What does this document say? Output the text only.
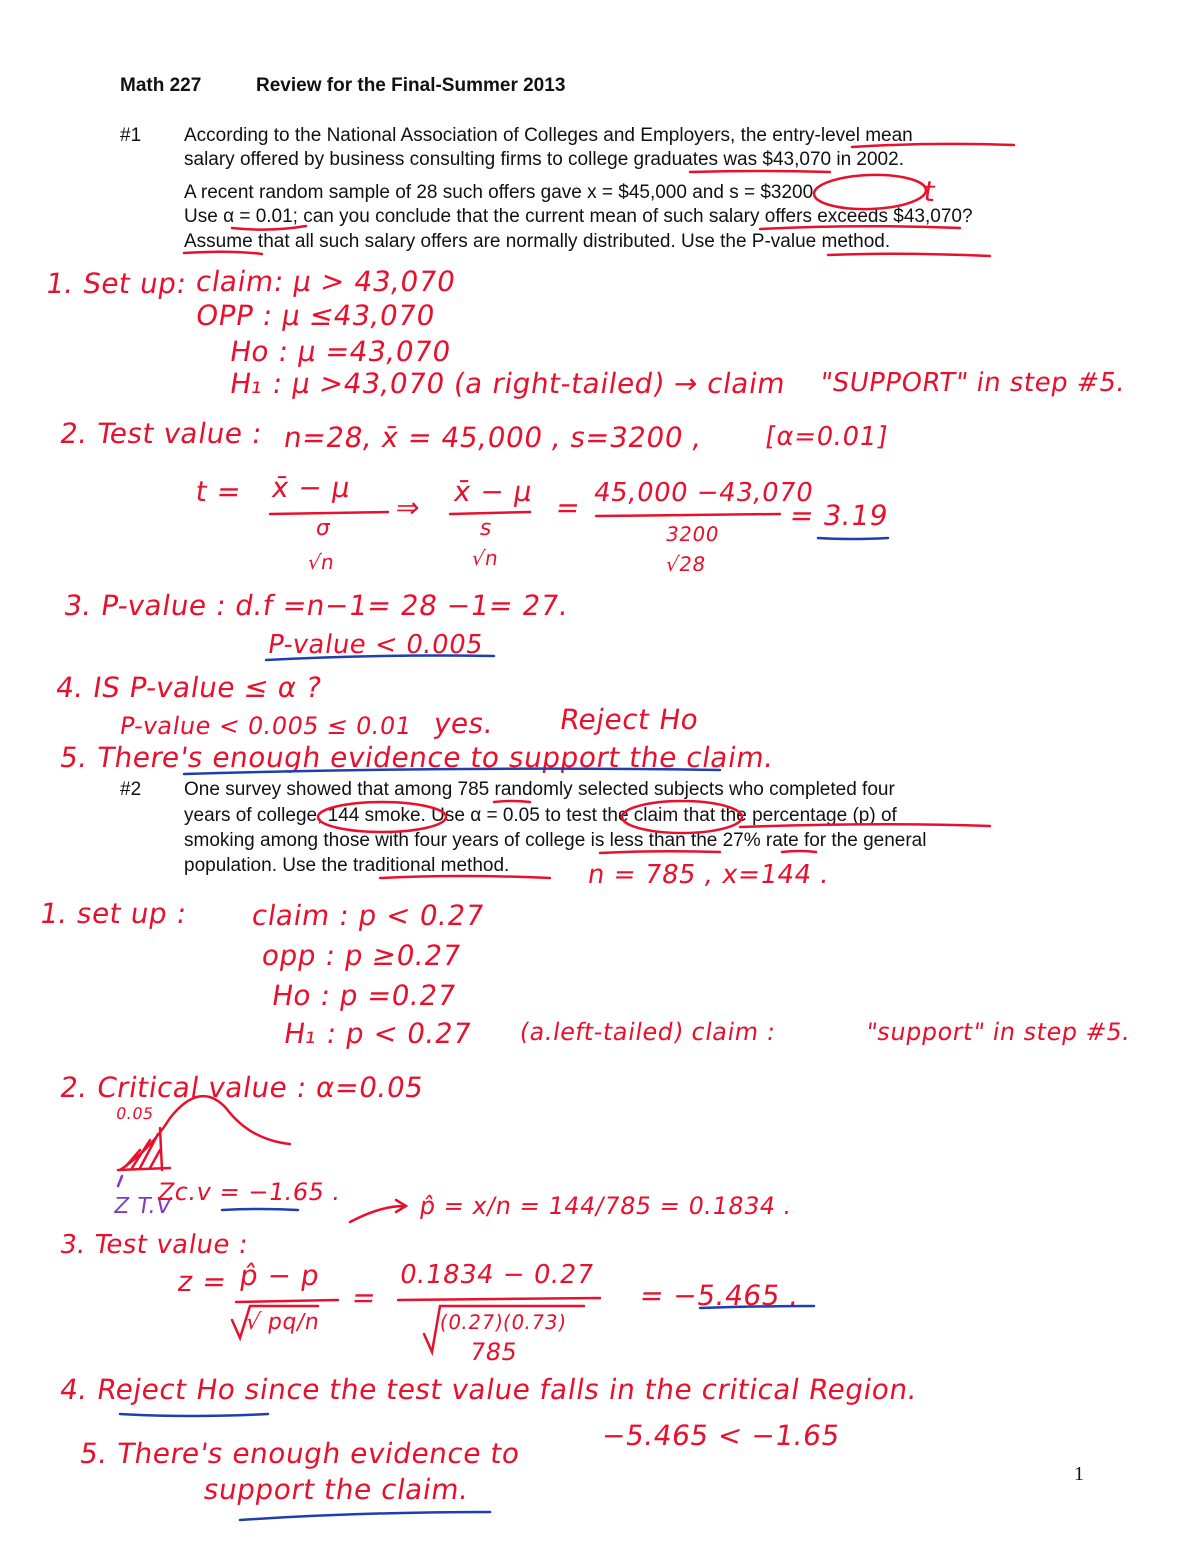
Math 227	Review for the Final-Summer 2013
#1 According to the National Association of Colleges and Employers, the entry-level mean
salary offered by business consulting firms to college graduates was $43,070 in 2002.
A recent random sample of 28 such offers gave x = $45,000 and s = $3200
Use α = 0.01; can you conclude that the current mean of such salary offers exceeds $43,070?
Assume that all such salary offers are normally distributed. Use the P-value method.
t
1. Set up: claim: μ > 43,070
OPP : μ ≤43,070
Ho : μ =43,070
H₁ : μ >43,070 (a right-tailed) → claim "SUPPORT" in step #5.
2. Test value : n=28, x̄ = 45,000 , s=3200 , [α=0.01]
t = x̄ − μ
σ
√n
⇒ x̄ − μ
s
√n
= 45,000 −43,070
3200
√28
= 3.19
3. P-value : d.f =n−1= 28 −1= 27.
P-value < 0.005
4. IS P-value ≤ α ?
P-value < 0.005 ≤ 0.01 yes. Reject Ho
5. There's enough evidence to support the claim.
#2 One survey showed that among 785 randomly selected subjects who completed four
years of college, 144 smoke. Use α = 0.05 to test the claim that the percentage (p) of
smoking among those with four years of college is less than the 27% rate for the general
population. Use the traditional method.	n = 785 , x=144 .
1. set up : claim : p < 0.27
opp : p ≥0.27
Ho : p =0.27
H₁ : p < 0.27 (a.left-tailed) claim :	"support" in step #5.
2. Critical value : α=0.05
0.05
Z T.V
Zc.v = −1.65 .	p̂ = x/n = 144/785 = 0.1834 .
3. Test value :
z = p̂ − p
√ pq/n
=
0.1834 − 0.27
(0.27)(0.73)
785
= −5.465 .
4. Reject Ho since the test value falls in the critical Region.
−5.465 < −1.65
5. There's enough evidence to
support the claim.	1
